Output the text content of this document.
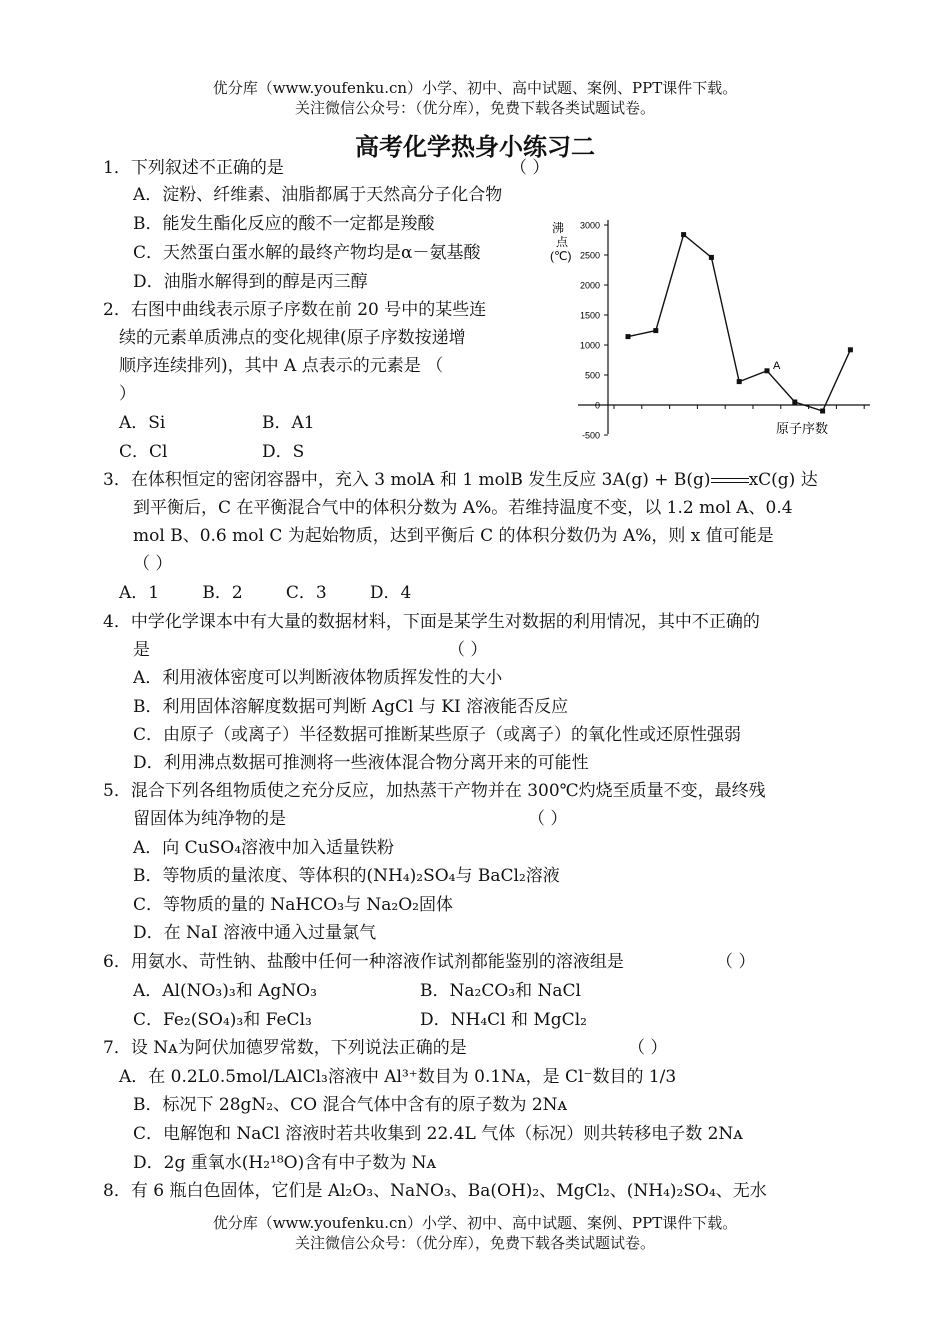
优分库（www.youfenku.cn）小学、初中、高中试题、案例、PPT课件下载。
关注微信公众号：（优分库），免费下载各类试题试卷。
高考化学热身小练习二
1．下列叙述不正确的是	（ ）
A．淀粉、纤维素、油脂都属于天然高分子化合物
B．能发生酯化反应的酸不一定都是羧酸
C．天然蛋白蛋水解的最终产物均是α－氨基酸
D．油脂水解得到的醇是丙三醇
2．右图中曲线表示原子序数在前 20 号中的某些连
续的元素单质沸点的变化规律(原子序数按递增
顺序连续排列)，其中 A 点表示的元素是 （
）
A．Si	B．A1
C．Cl	D．S
沸
点
(℃)
3000
2500
2000
1500
1000
500
0
-500
A
原子序数
3．在体积恒定的密闭容器中，充入 3 molA 和 1 molB 发生反应 3A(g) + B(g) xC(g) 达
到平衡后，C 在平衡混合气中的体积分数为 A%。若维持温度不变，以 1.2 mol A、0.4
mol B、0.6 mol C 为起始物质，达到平衡后 C 的体积分数仍为 A%，则 x 值可能是
（ ）
A．1        B．2        C．3        D．4
4．中学化学课本中有大量的数据材料，下面是某学生对数据的利用情况，其中不正确的
是	（ ）
A．利用液体密度可以判断液体物质挥发性的大小
B．利用固体溶解度数据可判断 AgCl 与 KI 溶液能否反应
C．由原子（或离子）半径数据可推断某些原子（或离子）的氧化性或还原性强弱
D．利用沸点数据可推测将一些液体混合物分离开来的可能性
5．混合下列各组物质使之充分反应，加热蒸干产物并在 300℃灼烧至质量不变，最终残
留固体为纯净物的是	（ ）
A．向 CuSO₄溶液中加入适量铁粉
B．等物质的量浓度、等体积的(NH₄)₂SO₄与 BaCl₂溶液
C．等物质的量的 NaHCO₃与 Na₂O₂固体
D．在 NaI 溶液中通入过量氯气
6．用氨水、苛性钠、盐酸中任何一种溶液作试剂都能鉴别的溶液组是	（ ）
A．Al(NO₃)₃和 AgNO₃	B．Na₂CO₃和 NaCl
C．Fe₂(SO₄)₃和 FeCl₃	D．NH₄Cl 和 MgCl₂
7．设 Nᴀ为阿伏加德罗常数，下列说法正确的是	（ ）
A．在 0.2L0.5mol/LAlCl₃溶液中 Al³⁺数目为 0.1Nᴀ，是 Cl⁻数目的 1/3
B．标况下 28gN₂、CO 混合气体中含有的原子数为 2Nᴀ
C．电解饱和 NaCl 溶液时若共收集到 22.4L 气体（标况）则共转移电子数 2Nᴀ
D．2g 重氧水(H₂¹⁸O)含有中子数为 Nᴀ
8．有 6 瓶白色固体，它们是 Al₂O₃、NaNO₃、Ba(OH)₂、MgCl₂、(NH₄)₂SO₄、无水
优分库（www.youfenku.cn）小学、初中、高中试题、案例、PPT课件下载。
关注微信公众号：（优分库），免费下载各类试题试卷。
